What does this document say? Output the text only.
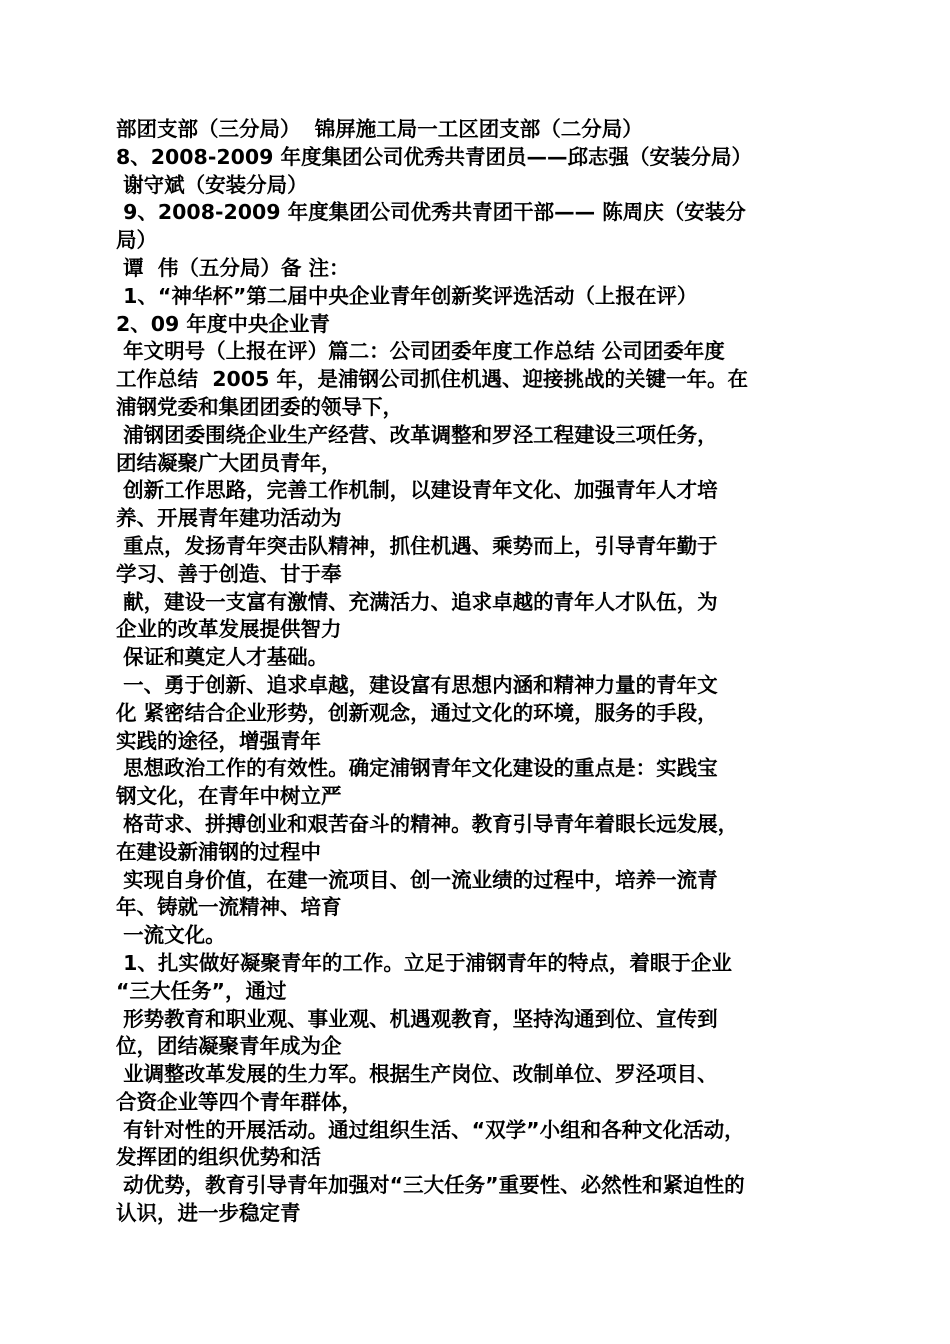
部团支部（三分局）  锦屏施工局一工区团支部（二分局）
8、2008-2009 年度集团公司优秀共青团员——邱志强（安装分局）
谢守斌（安装分局）
9、2008-2009 年度集团公司优秀共青团干部—— 陈周庆（安装分
局）
谭  伟（五分局）备 注：
1、“神华杯”第二届中央企业青年创新奖评选活动（上报在评）
2、09 年度中央企业青
年文明号（上报在评）篇二：公司团委年度工作总结 公司团委年度
工作总结  2005 年，是浦钢公司抓住机遇、迎接挑战的关键一年。在
浦钢党委和集团团委的领导下，
浦钢团委围绕企业生产经营、改革调整和罗泾工程建设三项任务，
团结凝聚广大团员青年，
创新工作思路，完善工作机制，以建设青年文化、加强青年人才培
养、开展青年建功活动为
重点，发扬青年突击队精神，抓住机遇、乘势而上，引导青年勤于
学习、善于创造、甘于奉
献，建设一支富有激情、充满活力、追求卓越的青年人才队伍，为
企业的改革发展提供智力
保证和奠定人才基础。
一、勇于创新、追求卓越，建设富有思想内涵和精神力量的青年文
化 紧密结合企业形势，创新观念，通过文化的环境，服务的手段，
实践的途径，增强青年
思想政治工作的有效性。确定浦钢青年文化建设的重点是：实践宝
钢文化，在青年中树立严
格苛求、拼搏创业和艰苦奋斗的精神。教育引导青年着眼长远发展，
在建设新浦钢的过程中
实现自身价值，在建一流项目、创一流业绩的过程中，培养一流青
年、铸就一流精神、培育
一流文化。
1、扎实做好凝聚青年的工作。立足于浦钢青年的特点，着眼于企业
“三大任务”，通过
形势教育和职业观、事业观、机遇观教育，坚持沟通到位、宣传到
位，团结凝聚青年成为企
业调整改革发展的生力军。根据生产岗位、改制单位、罗泾项目、
合资企业等四个青年群体，
有针对性的开展活动。通过组织生活、“双学”小组和各种文化活动，
发挥团的组织优势和活
动优势，教育引导青年加强对“三大任务”重要性、必然性和紧迫性的
认识，进一步稳定青
